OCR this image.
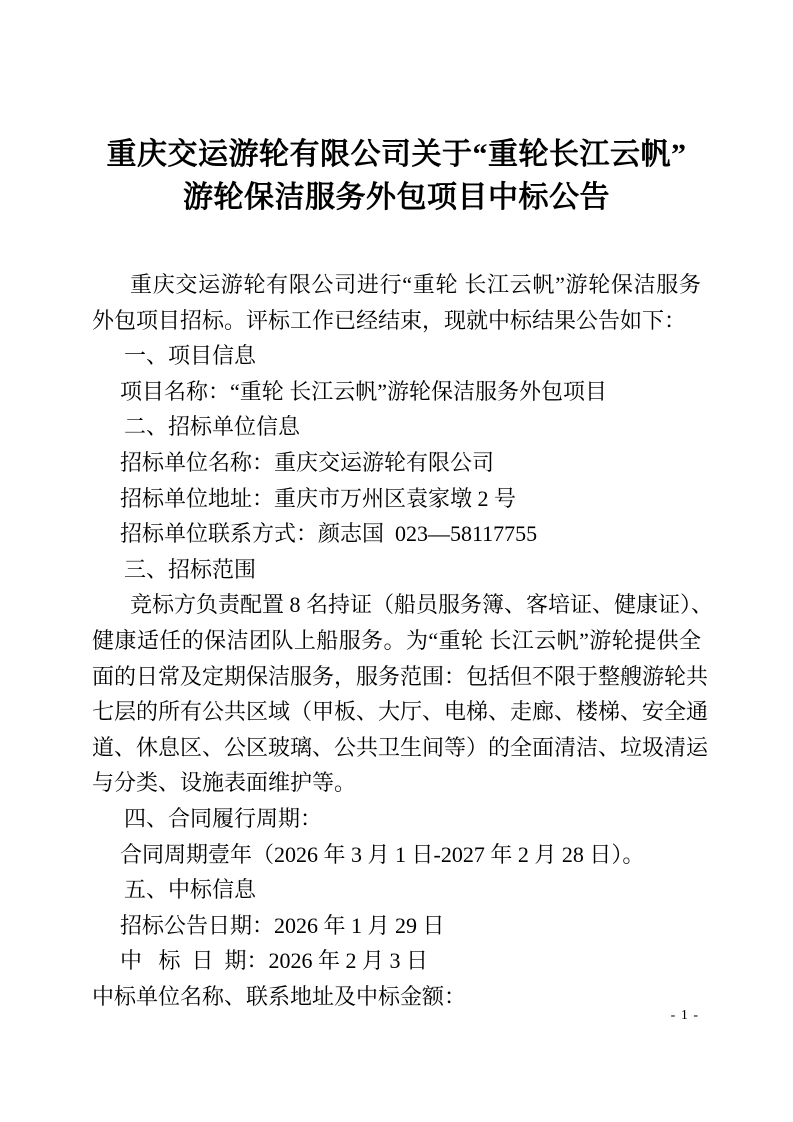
重庆交运游轮有限公司关于“重轮长江云帆”
游轮保洁服务外包项目中标公告
重庆交运游轮有限公司进行“重轮 长江云帆”游轮保洁服务
外包项目招标。评标工作已经结束，现就中标结果公告如下：
一、项目信息
项目名称：“重轮 长江云帆”游轮保洁服务外包项目
二、招标单位信息
招标单位名称：重庆交运游轮有限公司
招标单位地址：重庆市万州区袁家墩 2 号
招标单位联系方式：颜志国  023—58117755
三、招标范围
竞标方负责配置 8 名持证（船员服务簿、客培证、健康证）、
健康适任的保洁团队上船服务。为“重轮 长江云帆”游轮提供全
面的日常及定期保洁服务，服务范围：包括但不限于整艘游轮共
七层的所有公共区域（甲板、大厅、电梯、走廊、楼梯、安全通
道、休息区、公区玻璃、公共卫生间等）的全面清洁、垃圾清运
与分类、设施表面维护等。
四、合同履行周期：
合同周期壹年（2026 年 3 月 1 日-2027 年 2 月 28 日）。
五、中标信息
招标公告日期：2026 年 1 月 29 日
中   标  日  期：2026 年 2 月 3 日
中标单位名称、联系地址及中标金额：
- 1 -
